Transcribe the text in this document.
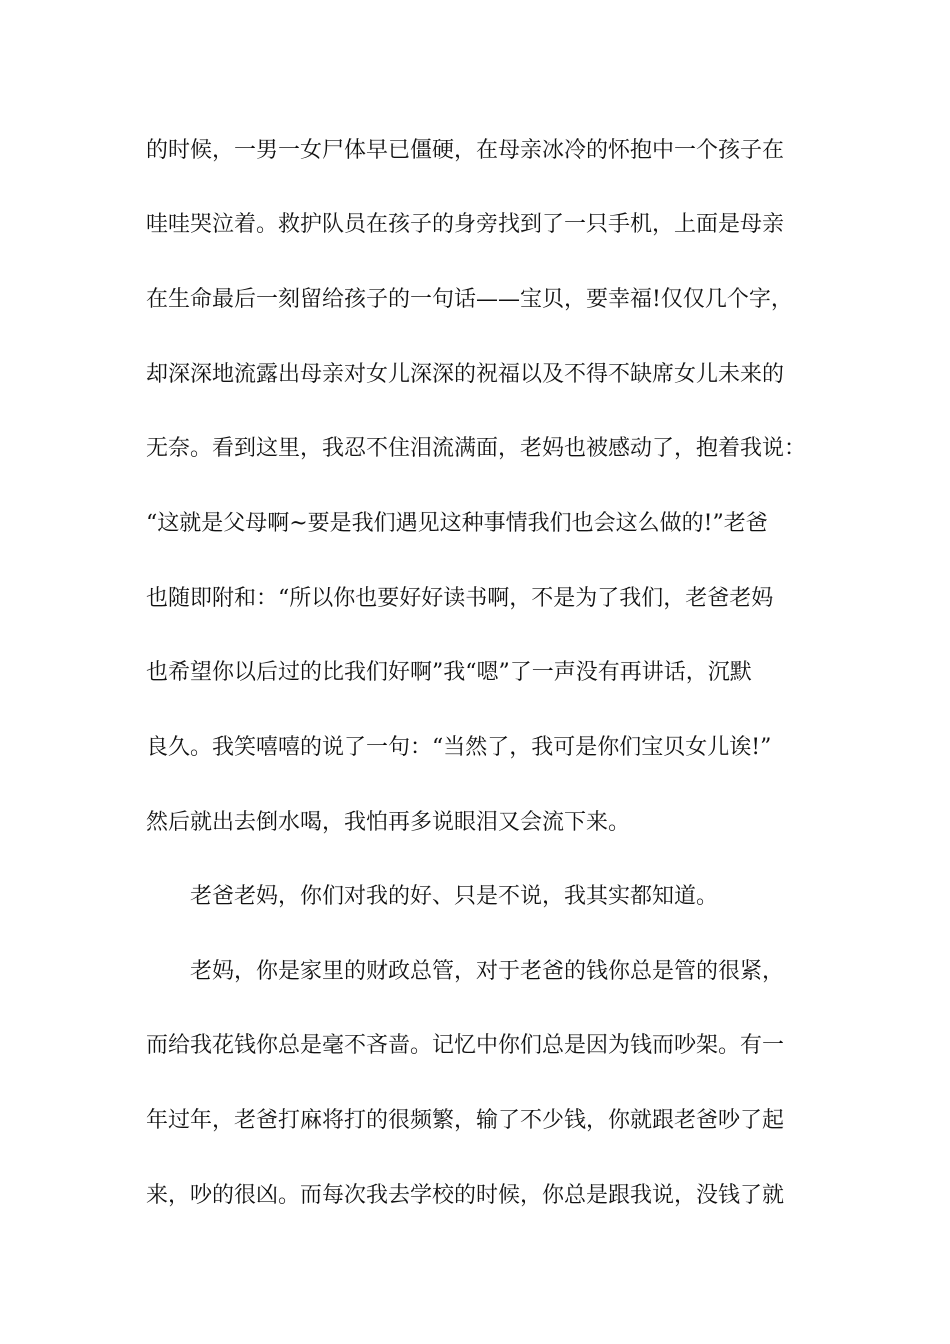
的时候，一男一女尸体早已僵硬，在母亲冰冷的怀抱中一个孩子在
哇哇哭泣着。救护队员在孩子的身旁找到了一只手机，上面是母亲
在生命最后一刻留给孩子的一句话——宝贝，要幸福!仅仅几个字，
却深深地流露出母亲对女儿深深的祝福以及不得不缺席女儿未来的
无奈。看到这里，我忍不住泪流满面，老妈也被感动了，抱着我说：
“这就是父母啊~要是我们遇见这种事情我们也会这么做的!”老爸
也随即附和：“所以你也要好好读书啊，不是为了我们，老爸老妈
也希望你以后过的比我们好啊”我“嗯”了一声没有再讲话，沉默
良久。我笑嘻嘻的说了一句：“当然了，我可是你们宝贝女儿诶!”
然后就出去倒水喝，我怕再多说眼泪又会流下来。
老爸老妈，你们对我的好、只是不说，我其实都知道。
老妈，你是家里的财政总管，对于老爸的钱你总是管的很紧，
而给我花钱你总是毫不吝啬。记忆中你们总是因为钱而吵架。有一
年过年，老爸打麻将打的很频繁，输了不少钱，你就跟老爸吵了起
来，吵的很凶。而每次我去学校的时候，你总是跟我说，没钱了就
